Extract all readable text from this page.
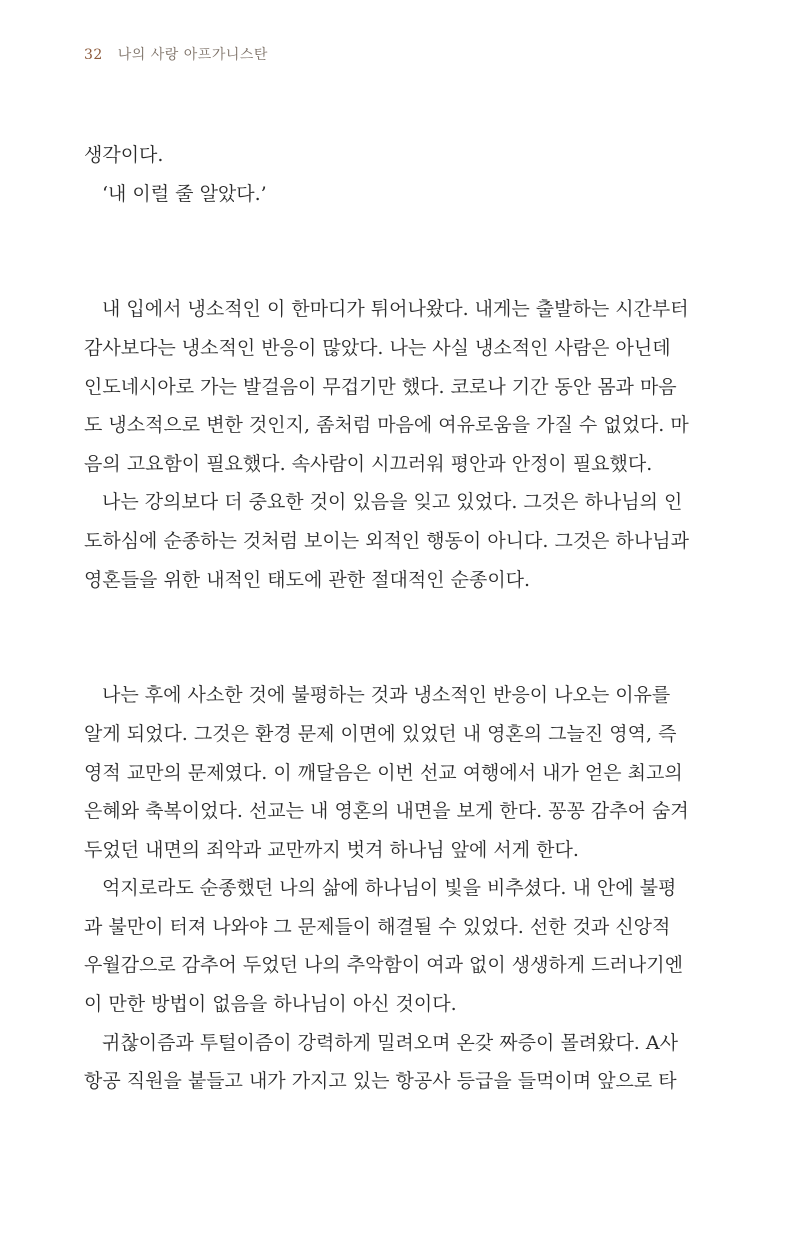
32 나의 사랑 아프가니스탄
생각이다.
‘내 이럴 줄 알았다.’
내 입에서 냉소적인 이 한마디가 튀어나왔다. 내게는 출발하는 시간부터
감사보다는 냉소적인 반응이 많았다. 나는 사실 냉소적인 사람은 아닌데
인도네시아로 가는 발걸음이 무겁기만 했다. 코로나 기간 동안 몸과 마음
도 냉소적으로 변한 것인지, 좀처럼 마음에 여유로움을 가질 수 없었다. 마
음의 고요함이 필요했다. 속사람이 시끄러워 평안과 안정이 필요했다.
나는 강의보다 더 중요한 것이 있음을 잊고 있었다. 그것은 하나님의 인
도하심에 순종하는 것처럼 보이는 외적인 행동이 아니다. 그것은 하나님과
영혼들을 위한 내적인 태도에 관한 절대적인 순종이다.
나는 후에 사소한 것에 불평하는 것과 냉소적인 반응이 나오는 이유를
알게 되었다. 그것은 환경 문제 이면에 있었던 내 영혼의 그늘진 영역, 즉
영적 교만의 문제였다. 이 깨달음은 이번 선교 여행에서 내가 얻은 최고의
은혜와 축복이었다. 선교는 내 영혼의 내면을 보게 한다. 꽁꽁 감추어 숨겨
두었던 내면의 죄악과 교만까지 벗겨 하나님 앞에 서게 한다.
억지로라도 순종했던 나의 삶에 하나님이 빛을 비추셨다. 내 안에 불평
과 불만이 터져 나와야 그 문제들이 해결될 수 있었다. 선한 것과 신앙적
우월감으로 감추어 두었던 나의 추악함이 여과 없이 생생하게 드러나기엔
이 만한 방법이 없음을 하나님이 아신 것이다.
귀찮이즘과 투털이즘이 강력하게 밀려오며 온갖 짜증이 몰려왔다. A사
항공 직원을 붙들고 내가 가지고 있는 항공사 등급을 들먹이며 앞으로 타
